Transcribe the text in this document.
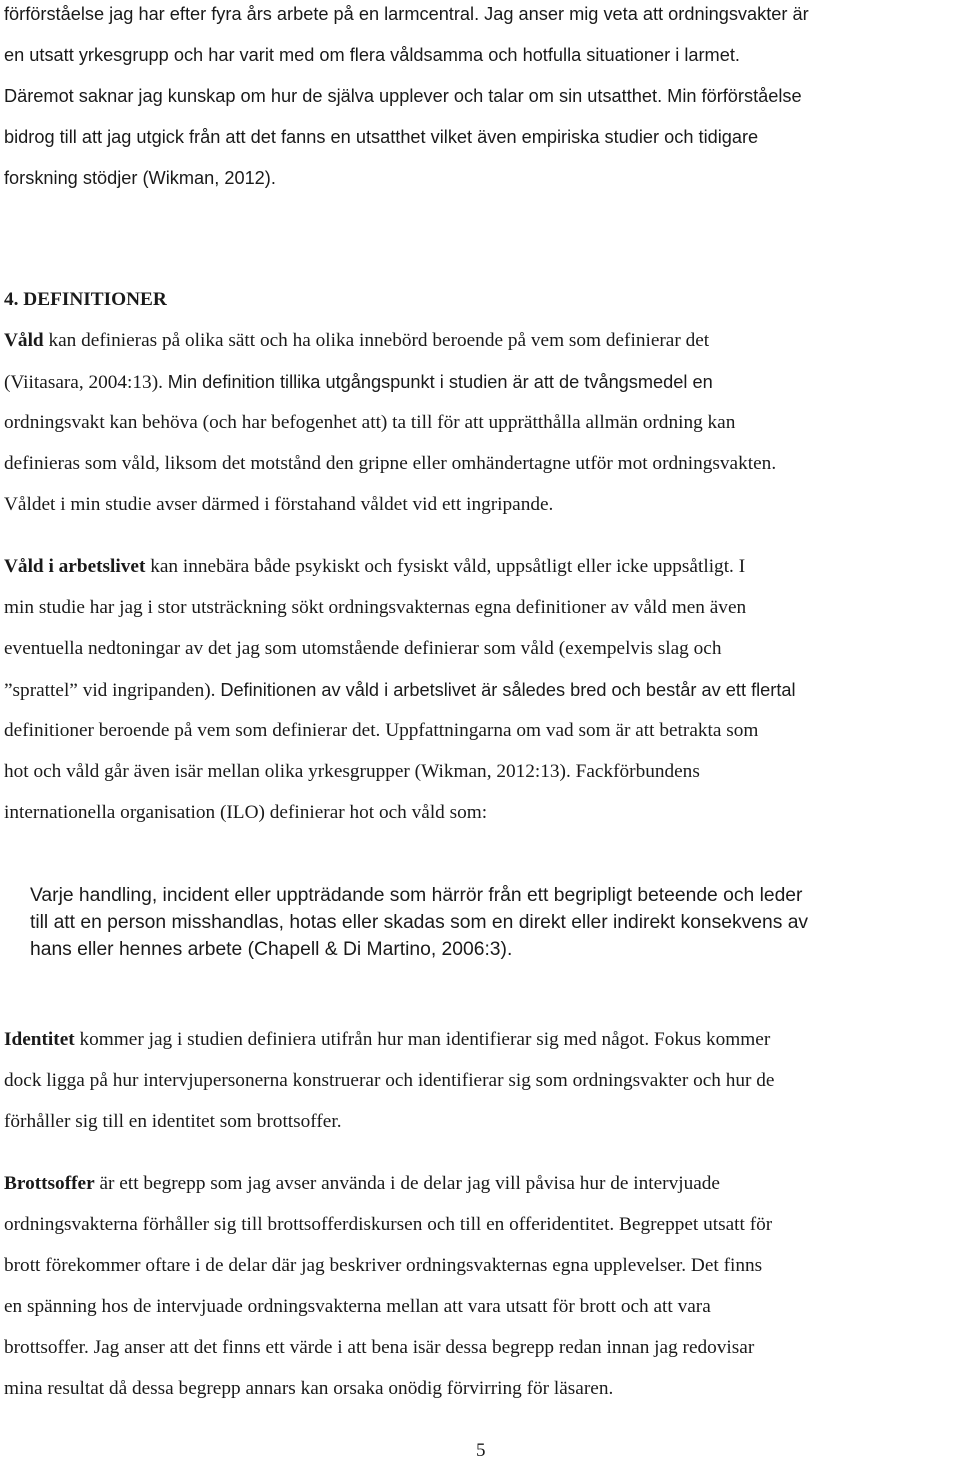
förförståelse jag har efter fyra års arbete på en larmcentral. Jag anser mig veta att ordningsvakter är
en utsatt yrkesgrupp och har varit med om flera våldsamma och hotfulla situationer i larmet.
Däremot saknar jag kunskap om hur de själva upplever och talar om sin utsatthet. Min förförståelse
bidrog till att jag utgick från att det fanns en utsatthet vilket även empiriska studier och tidigare
forskning stödjer (Wikman, 2012).
4. DEFINITIONER
Våld kan definieras på olika sätt och ha olika innebörd beroende på vem som definierar det
(Viitasara, 2004:13). Min definition tillika utgångspunkt i studien är att de tvångsmedel en
ordningsvakt kan behöva (och har befogenhet att) ta till för att upprätthålla allmän ordning kan
definieras som våld, liksom det motstånd den gripne eller omhändertagne utför mot ordningsvakten.
Våldet i min studie avser därmed i förstahand våldet vid ett ingripande.
Våld i arbetslivet kan innebära både psykiskt och fysiskt våld, uppsåtligt eller icke uppsåtligt. I
min studie har jag i stor utsträckning sökt ordningsvakternas egna definitioner av våld men även
eventuella nedtoningar av det jag som utomstående definierar som våld (exempelvis slag och
”sprattel” vid ingripanden). Definitionen av våld i arbetslivet är således bred och består av ett flertal
definitioner beroende på vem som definierar det. Uppfattningarna om vad som är att betrakta som
hot och våld går även isär mellan olika yrkesgrupper (Wikman, 2012:13). Fackförbundens
internationella organisation (ILO) definierar hot och våld som:
Varje handling, incident eller uppträdande som härrör från ett begripligt beteende och leder
till att en person misshandlas, hotas eller skadas som en direkt eller indirekt konsekvens av
hans eller hennes arbete (Chapell & Di Martino, 2006:3).
Identitet kommer jag i studien definiera utifrån hur man identifierar sig med något. Fokus kommer
dock ligga på hur intervjupersonerna konstruerar och identifierar sig som ordningsvakter och hur de
förhåller sig till en identitet som brottsoffer.
Brottsoffer är ett begrepp som jag avser använda i de delar jag vill påvisa hur de intervjuade
ordningsvakterna förhåller sig till brottsofferdiskursen och till en offeridentitet. Begreppet utsatt för
brott förekommer oftare i de delar där jag beskriver ordningsvakternas egna upplevelser. Det finns
en spänning hos de intervjuade ordningsvakterna mellan att vara utsatt för brott och att vara
brottsoffer. Jag anser att det finns ett värde i att bena isär dessa begrepp redan innan jag redovisar
mina resultat då dessa begrepp annars kan orsaka onödig förvirring för läsaren.
5
